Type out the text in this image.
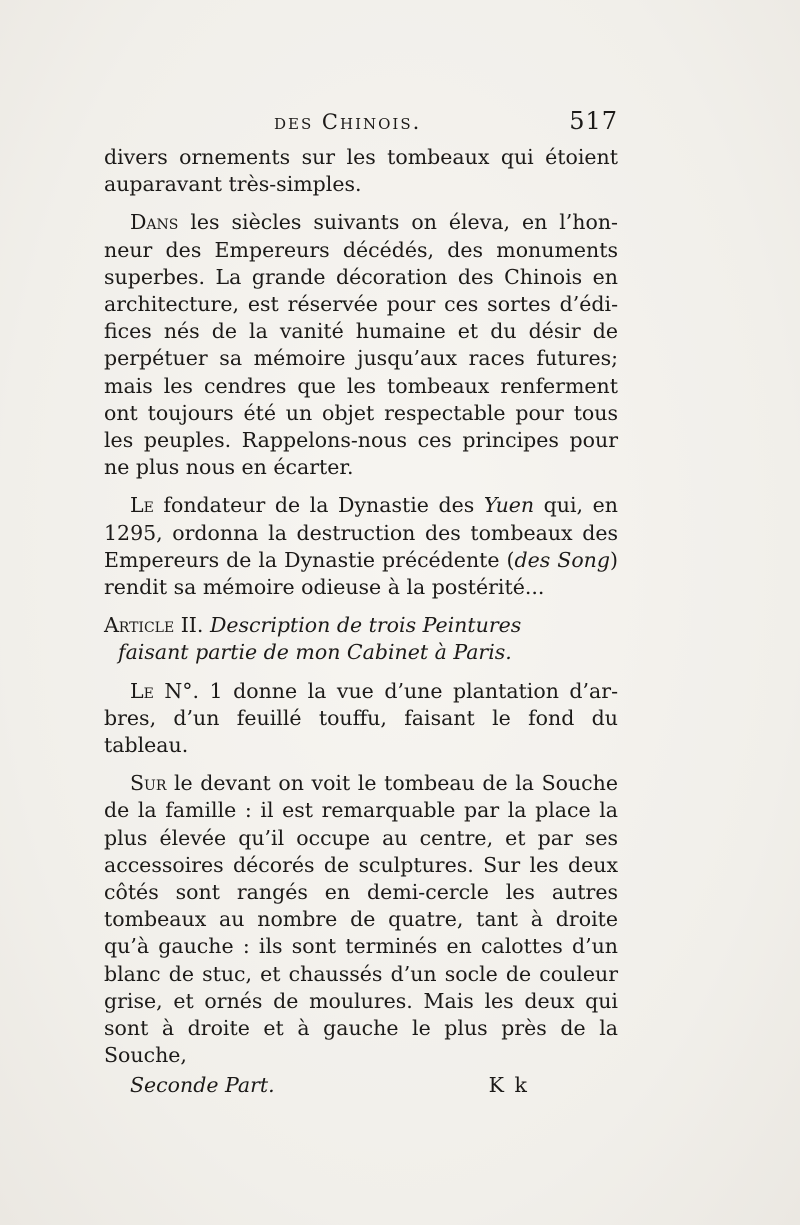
des Chinois.	517

divers ornements sur les tombeaux qui étoient auparavant très-simples.

Dans les siècles suivants on éleva, en l’hon-neur des Empereurs décédés, des monuments superbes. La grande décoration des Chinois en architecture, est réservée pour ces sortes d’édi-fices nés de la vanité humaine et du désir de perpétuer sa mémoire jusqu’aux races futures; mais les cendres que les tombeaux renferment ont toujours été un objet respectable pour tous les peuples. Rappelons-nous ces principes pour ne plus nous en écarter.

Le fondateur de la Dynastie des Yuen qui, en 1295, ordonna la destruction des tombeaux des Empereurs de la Dynastie précédente (des Song) rendit sa mémoire odieuse à la postérité...

Article II. Description de trois Peintures
faisant partie de mon Cabinet à Paris.

Le N°. 1 donne la vue d’une plantation d’ar-bres, d’un feuillé touffu, faisant le fond du tableau.

Sur le devant on voit le tombeau de la Souche de la famille : il est remarquable par la place la plus élevée qu’il occupe au centre, et par ses accessoires décorés de sculptures. Sur les deux côtés sont rangés en demi-cercle les autres tombeaux au nombre de quatre, tant à droite qu’à gauche : ils sont terminés en calottes d’un blanc de stuc, et chaussés d’un socle de couleur grise, et ornés de moulures. Mais les deux qui sont à droite et à gauche le plus près de la Souche,

Seconde Part.	K k
